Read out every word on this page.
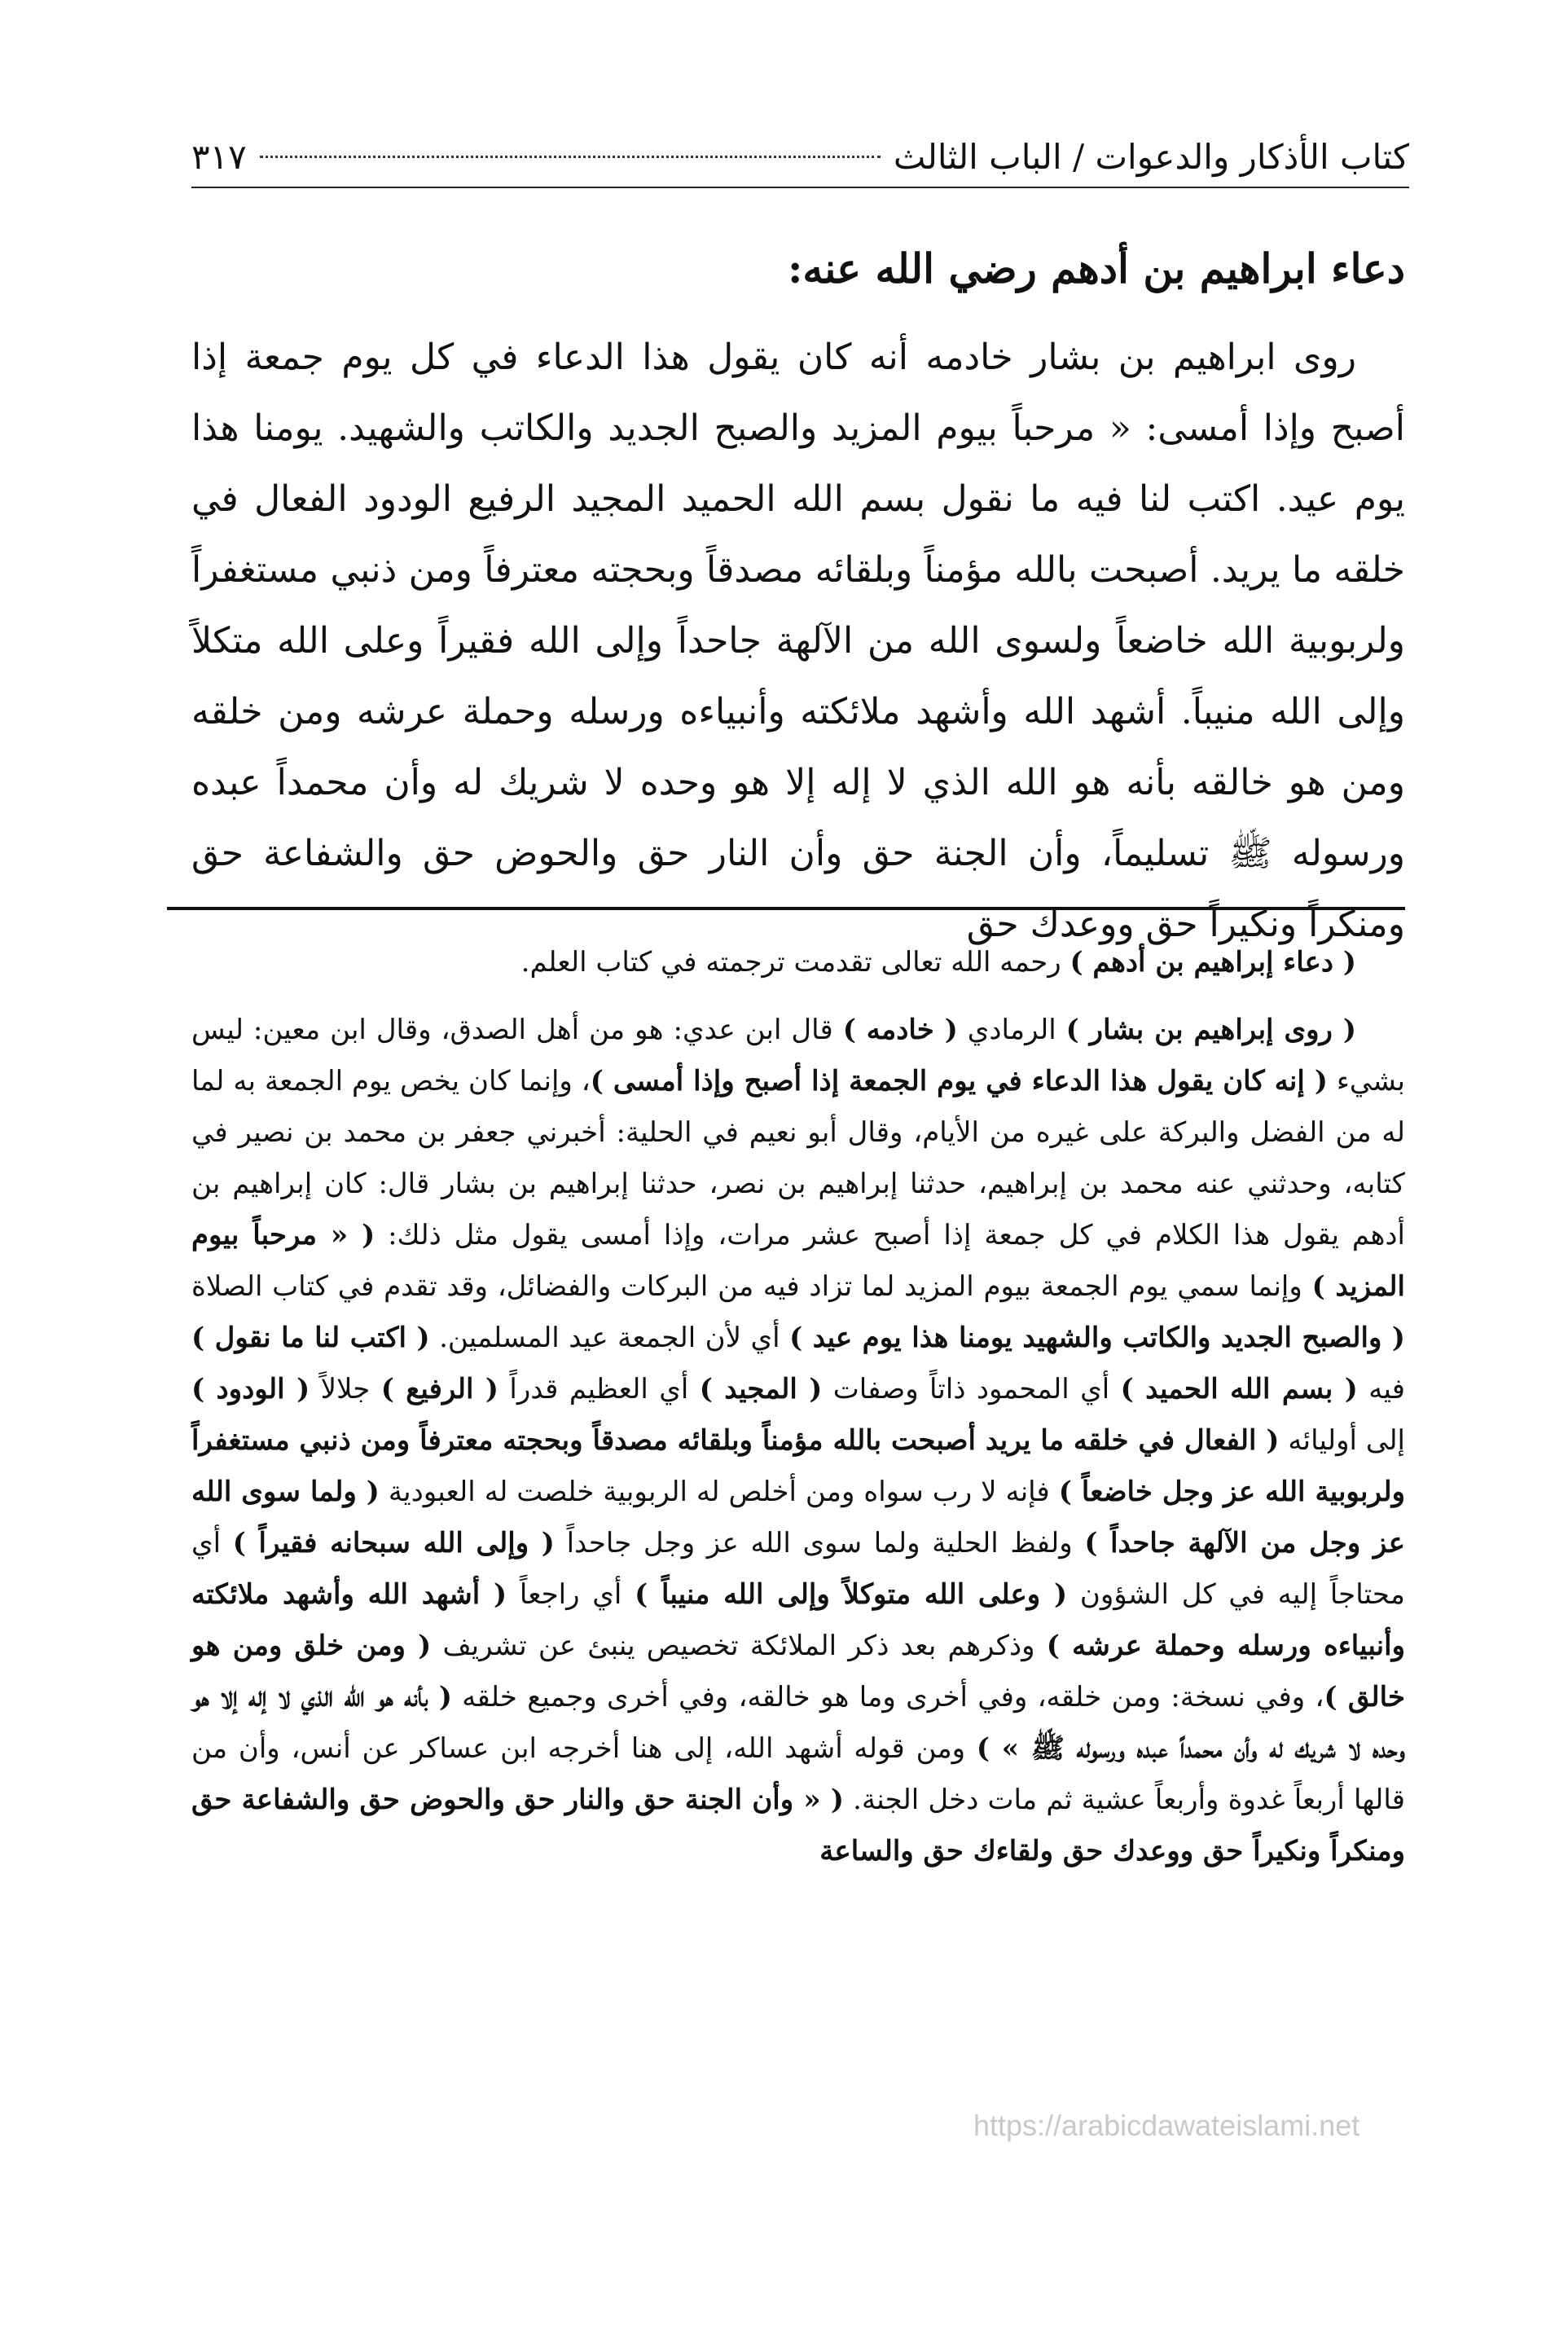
كتاب الأذكار والدعوات / الباب الثالث
٣١٧
دعاء ابراهيم بن أدهم رضي الله عنه:

روى ابراهيم بن بشار خادمه أنه كان يقول هذا الدعاء في كل يوم جمعة إذا أصبح وإذا أمسى: « مرحباً بيوم المزيد والصبح الجديد والكاتب والشهيد. يومنا هذا يوم عيد. اكتب لنا فيه ما نقول بسم الله الحميد المجيد الرفيع الودود الفعال في خلقه ما يريد. أصبحت بالله مؤمناً وبلقائه مصدقاً وبحجته معترفاً ومن ذنبي مستغفراً ولربوبية الله خاضعاً ولسوى الله من الآلهة جاحداً وإلى الله فقيراً وعلى الله متكلاً وإلى الله منيباً. أشهد الله وأشهد ملائكته وأنبياءه ورسله وحملة عرشه ومن خلقه ومن هو خالقه بأنه هو الله الذي لا إله إلا هو وحده لا شريك له وأن محمداً عبده ورسوله ﷺ تسليماً، وأن الجنة حق وأن النار حق والحوض حق والشفاعة حق ومنكراً ونكيراً حق ووعدك حق

( دعاء إبراهيم بن أدهم ) رحمه الله تعالى تقدمت ترجمته في كتاب العلم.

( روى إبراهيم بن بشار ) الرمادي ( خادمه ) قال ابن عدي: هو من أهل الصدق، وقال ابن معين: ليس بشيء ( إنه كان يقول هذا الدعاء في يوم الجمعة إذا أصبح وإذا أمسى )، وإنما كان يخص يوم الجمعة به لما له من الفضل والبركة على غيره من الأيام، وقال أبو نعيم في الحلية: أخبرني جعفر بن محمد بن نصير في كتابه، وحدثني عنه محمد بن إبراهيم، حدثنا إبراهيم بن نصر، حدثنا إبراهيم بن بشار قال: كان إبراهيم بن أدهم يقول هذا الكلام في كل جمعة إذا أصبح عشر مرات، وإذا أمسى يقول مثل ذلك: ( « مرحباً بيوم المزيد ) وإنما سمي يوم الجمعة بيوم المزيد لما تزاد فيه من البركات والفضائل، وقد تقدم في كتاب الصلاة ( والصبح الجديد والكاتب والشهيد يومنا هذا يوم عيد ) أي لأن الجمعة عيد المسلمين. ( اكتب لنا ما نقول ) فيه ( بسم الله الحميد ) أي المحمود ذاتاً وصفات ( المجيد ) أي العظيم قدراً ( الرفيع ) جلالاً ( الودود ) إلى أوليائه ( الفعال في خلقه ما يريد أصبحت بالله مؤمناً وبلقائه مصدقاً وبحجته معترفاً ومن ذنبي مستغفراً ولربوبية الله عز وجل خاضعاً ) فإنه لا رب سواه ومن أخلص له الربوبية خلصت له العبودية ( ولما سوى الله عز وجل من الآلهة جاحداً ) ولفظ الحلية ولما سوى الله عز وجل جاحداً ( وإلى الله سبحانه فقيراً ) أي محتاجاً إليه في كل الشؤون ( وعلى الله متوكلاً وإلى الله منيباً ) أي راجعاً ( أشهد الله وأشهد ملائكته وأنبياءه ورسله وحملة عرشه ) وذكرهم بعد ذكر الملائكة تخصيص ينبئ عن تشريف ( ومن خلق ومن هو خالق )، وفي نسخة: ومن خلقه، وفي أخرى وما هو خالقه، وفي أخرى وجميع خلقه ( بأنه هو الله الذي لا إله إلا هو وحده لا شريك له وأن محمداً عبده ورسوله ﷺ » ) ومن قوله أشهد الله، إلى هنا أخرجه ابن عساكر عن أنس، وأن من قالها أربعاً غدوة وأربعاً عشية ثم مات دخل الجنة. ( « وأن الجنة حق والنار حق والحوض حق والشفاعة حق ومنكراً ونكيراً حق ووعدك حق ولقاءك حق والساعة

https://arabicdawateislami.net
